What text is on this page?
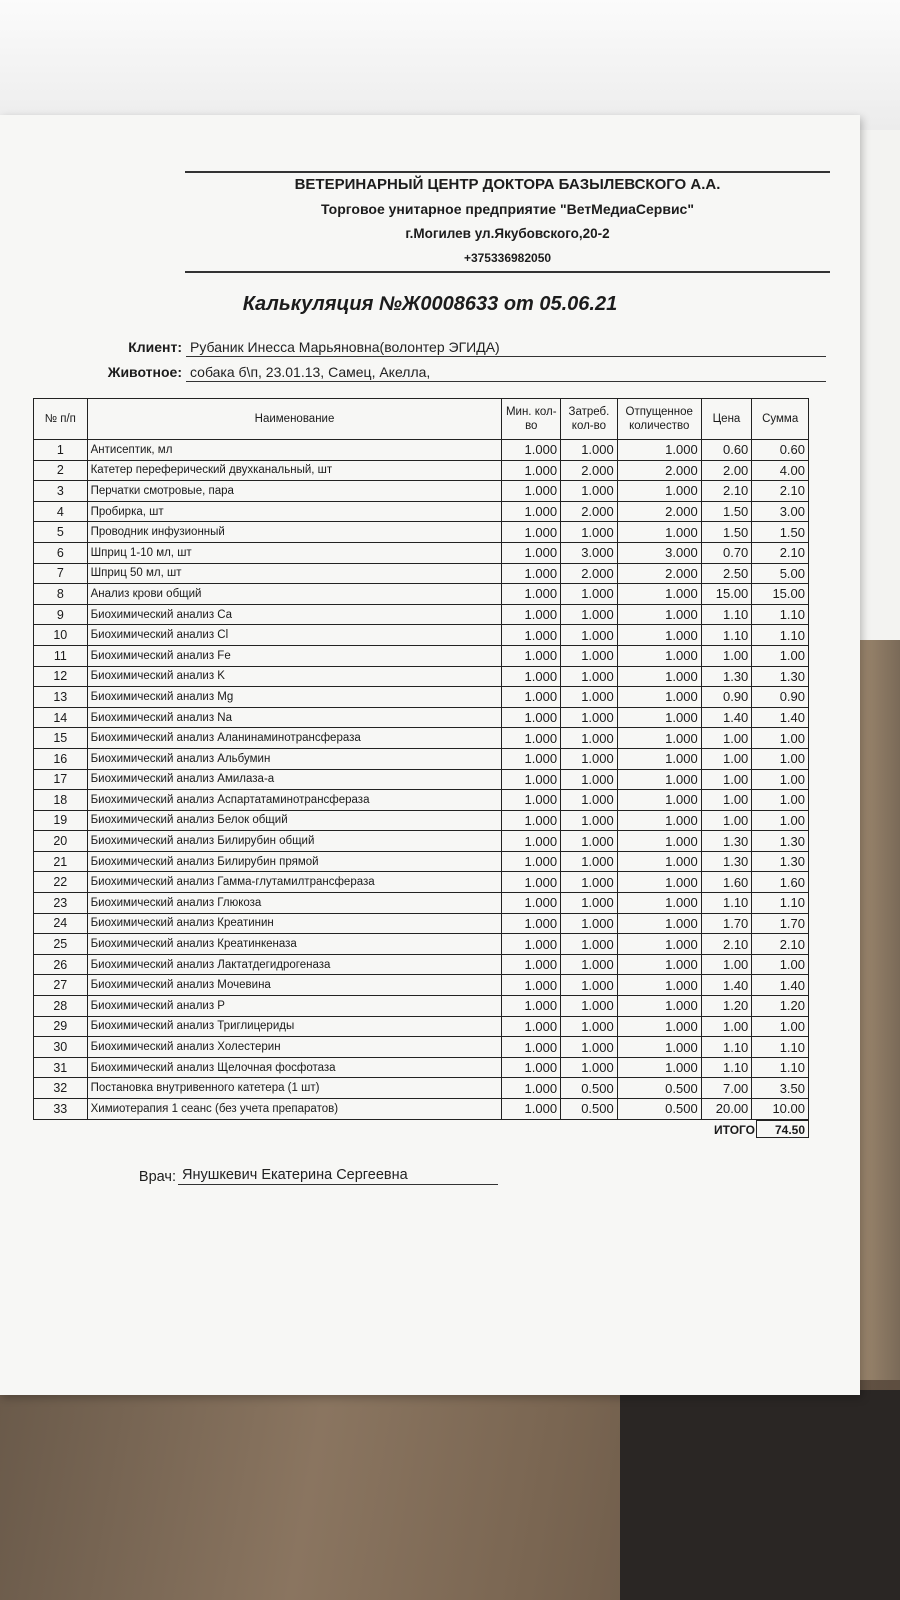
ВЕТЕРИНАРНЫЙ ЦЕНТР ДОКТОРА БАЗЫЛЕВСКОГО А.А.
Торговое унитарное предприятие "ВетМедиаСервис"
г.Могилев ул.Якубовского,20-2
+375336982050
Калькуляция №Ж0008633 от 05.06.21
Клиент: Рубаник Инесса Марьяновна(волонтер ЭГИДА)
Животное: собака б\п, 23.01.13, Самец, Акелла,
№ п/п	Наименование	Мин. кол-во	Затреб. кол-во	Отпущенное количество	Цена	Сумма
1	Антисептик, мл	1.000	1.000	1.000	0.60	0.60
2	Катетер переферический двухканальный, шт	1.000	2.000	2.000	2.00	4.00
3	Перчатки смотровые, пара	1.000	1.000	1.000	2.10	2.10
4	Пробирка, шт	1.000	2.000	2.000	1.50	3.00
5	Проводник инфузионный	1.000	1.000	1.000	1.50	1.50
6	Шприц 1-10 мл, шт	1.000	3.000	3.000	0.70	2.10
7	Шприц 50 мл, шт	1.000	2.000	2.000	2.50	5.00
8	Анализ крови общий	1.000	1.000	1.000	15.00	15.00
9	Биохимический анализ Ca	1.000	1.000	1.000	1.10	1.10
10	Биохимический анализ Cl	1.000	1.000	1.000	1.10	1.10
11	Биохимический анализ Fe	1.000	1.000	1.000	1.00	1.00
12	Биохимический анализ K	1.000	1.000	1.000	1.30	1.30
13	Биохимический анализ Mg	1.000	1.000	1.000	0.90	0.90
14	Биохимический анализ Na	1.000	1.000	1.000	1.40	1.40
15	Биохимический анализ Аланинаминотрансфераза	1.000	1.000	1.000	1.00	1.00
16	Биохимический анализ Альбумин	1.000	1.000	1.000	1.00	1.00
17	Биохимический анализ Амилаза-а	1.000	1.000	1.000	1.00	1.00
18	Биохимический анализ Аспартатаминотрансфераза	1.000	1.000	1.000	1.00	1.00
19	Биохимический анализ Белок общий	1.000	1.000	1.000	1.00	1.00
20	Биохимический анализ Билирубин общий	1.000	1.000	1.000	1.30	1.30
21	Биохимический анализ Билирубин прямой	1.000	1.000	1.000	1.30	1.30
22	Биохимический анализ Гамма-глутамилтрансфераза	1.000	1.000	1.000	1.60	1.60
23	Биохимический анализ Глюкоза	1.000	1.000	1.000	1.10	1.10
24	Биохимический анализ Креатинин	1.000	1.000	1.000	1.70	1.70
25	Биохимический анализ Креатинкеназа	1.000	1.000	1.000	2.10	2.10
26	Биохимический анализ Лактатдегидрогеназа	1.000	1.000	1.000	1.00	1.00
27	Биохимический анализ Мочевина	1.000	1.000	1.000	1.40	1.40
28	Биохимический анализ Р	1.000	1.000	1.000	1.20	1.20
29	Биохимический анализ Триглицериды	1.000	1.000	1.000	1.00	1.00
30	Биохимический анализ Холестерин	1.000	1.000	1.000	1.10	1.10
31	Биохимический анализ Щелочная фосфотаза	1.000	1.000	1.000	1.10	1.10
32	Постановка внутривенного катетера (1 шт)	1.000	0.500	0.500	7.00	3.50
33	Химиотерапия 1 сеанс (без учета препаратов)	1.000	0.500	0.500	20.00	10.00
ИТОГО	74.50
Врач: Янушкевич Екатерина Сергеевна
